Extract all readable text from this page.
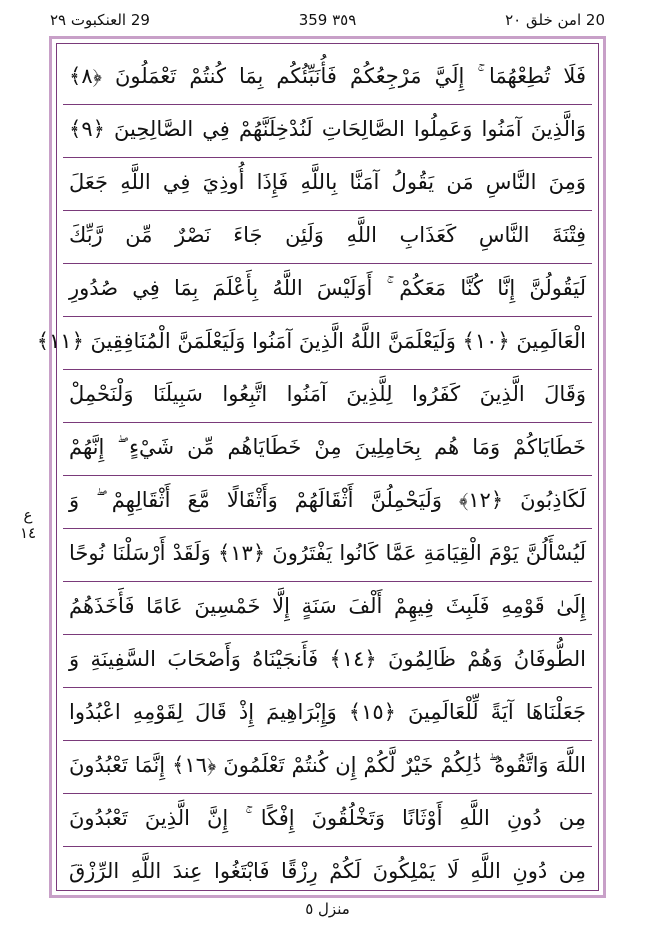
20 امن خلق ٢٠
٣٥٩ 359
29 العنكبوت ٢٩
فَلَا تُطِعْهُمَا ۚ إِلَيَّ مَرْجِعُكُمْ فَأُنَبِّئُكُم بِمَا كُنتُمْ تَعْمَلُونَ ﴿٨﴾
وَالَّذِينَ آمَنُوا وَعَمِلُوا الصَّالِحَاتِ لَنُدْخِلَنَّهُمْ فِي الصَّالِحِينَ ﴿٩﴾
وَمِنَ النَّاسِ مَن يَقُولُ آمَنَّا بِاللَّهِ فَإِذَا أُوذِيَ فِي اللَّهِ جَعَلَ
فِتْنَةَ النَّاسِ كَعَذَابِ اللَّهِ وَلَئِن جَاءَ نَصْرٌ مِّن رَّبِّكَ
لَيَقُولُنَّ إِنَّا كُنَّا مَعَكُمْ ۚ أَوَلَيْسَ اللَّهُ بِأَعْلَمَ بِمَا فِي صُدُورِ
الْعَالَمِينَ ﴿١٠﴾ وَلَيَعْلَمَنَّ اللَّهُ الَّذِينَ آمَنُوا وَلَيَعْلَمَنَّ الْمُنَافِقِينَ ﴿١١﴾
وَقَالَ الَّذِينَ كَفَرُوا لِلَّذِينَ آمَنُوا اتَّبِعُوا سَبِيلَنَا وَلْنَحْمِلْ
خَطَايَاكُمْ وَمَا هُم بِحَامِلِينَ مِنْ خَطَايَاهُم مِّن شَيْءٍ ۖ إِنَّهُمْ
لَكَاذِبُونَ ﴿١٢﴾ وَلَيَحْمِلُنَّ أَثْقَالَهُمْ وَأَثْقَالًا مَّعَ أَثْقَالِهِمْ ۖ وَ
لَيُسْأَلُنَّ يَوْمَ الْقِيَامَةِ عَمَّا كَانُوا يَفْتَرُونَ ﴿١٣﴾ وَلَقَدْ أَرْسَلْنَا نُوحًا
إِلَىٰ قَوْمِهِ فَلَبِثَ فِيهِمْ أَلْفَ سَنَةٍ إِلَّا خَمْسِينَ عَامًا فَأَخَذَهُمُ
الطُّوفَانُ وَهُمْ ظَالِمُونَ ﴿١٤﴾ فَأَنجَيْنَاهُ وَأَصْحَابَ السَّفِينَةِ وَ
جَعَلْنَاهَا آيَةً لِّلْعَالَمِينَ ﴿١٥﴾ وَإِبْرَاهِيمَ إِذْ قَالَ لِقَوْمِهِ اعْبُدُوا
اللَّهَ وَاتَّقُوهُ ۖ ذَٰلِكُمْ خَيْرٌ لَّكُمْ إِن كُنتُمْ تَعْلَمُونَ ﴿١٦﴾ إِنَّمَا تَعْبُدُونَ
مِن دُونِ اللَّهِ أَوْثَانًا وَتَخْلُقُونَ إِفْكًا ۚ إِنَّ الَّذِينَ تَعْبُدُونَ
مِن دُونِ اللَّهِ لَا يَمْلِكُونَ لَكُمْ رِزْقًا فَابْتَغُوا عِندَ اللَّهِ الرِّزْقَ
ع ١٤
منزل ٥
